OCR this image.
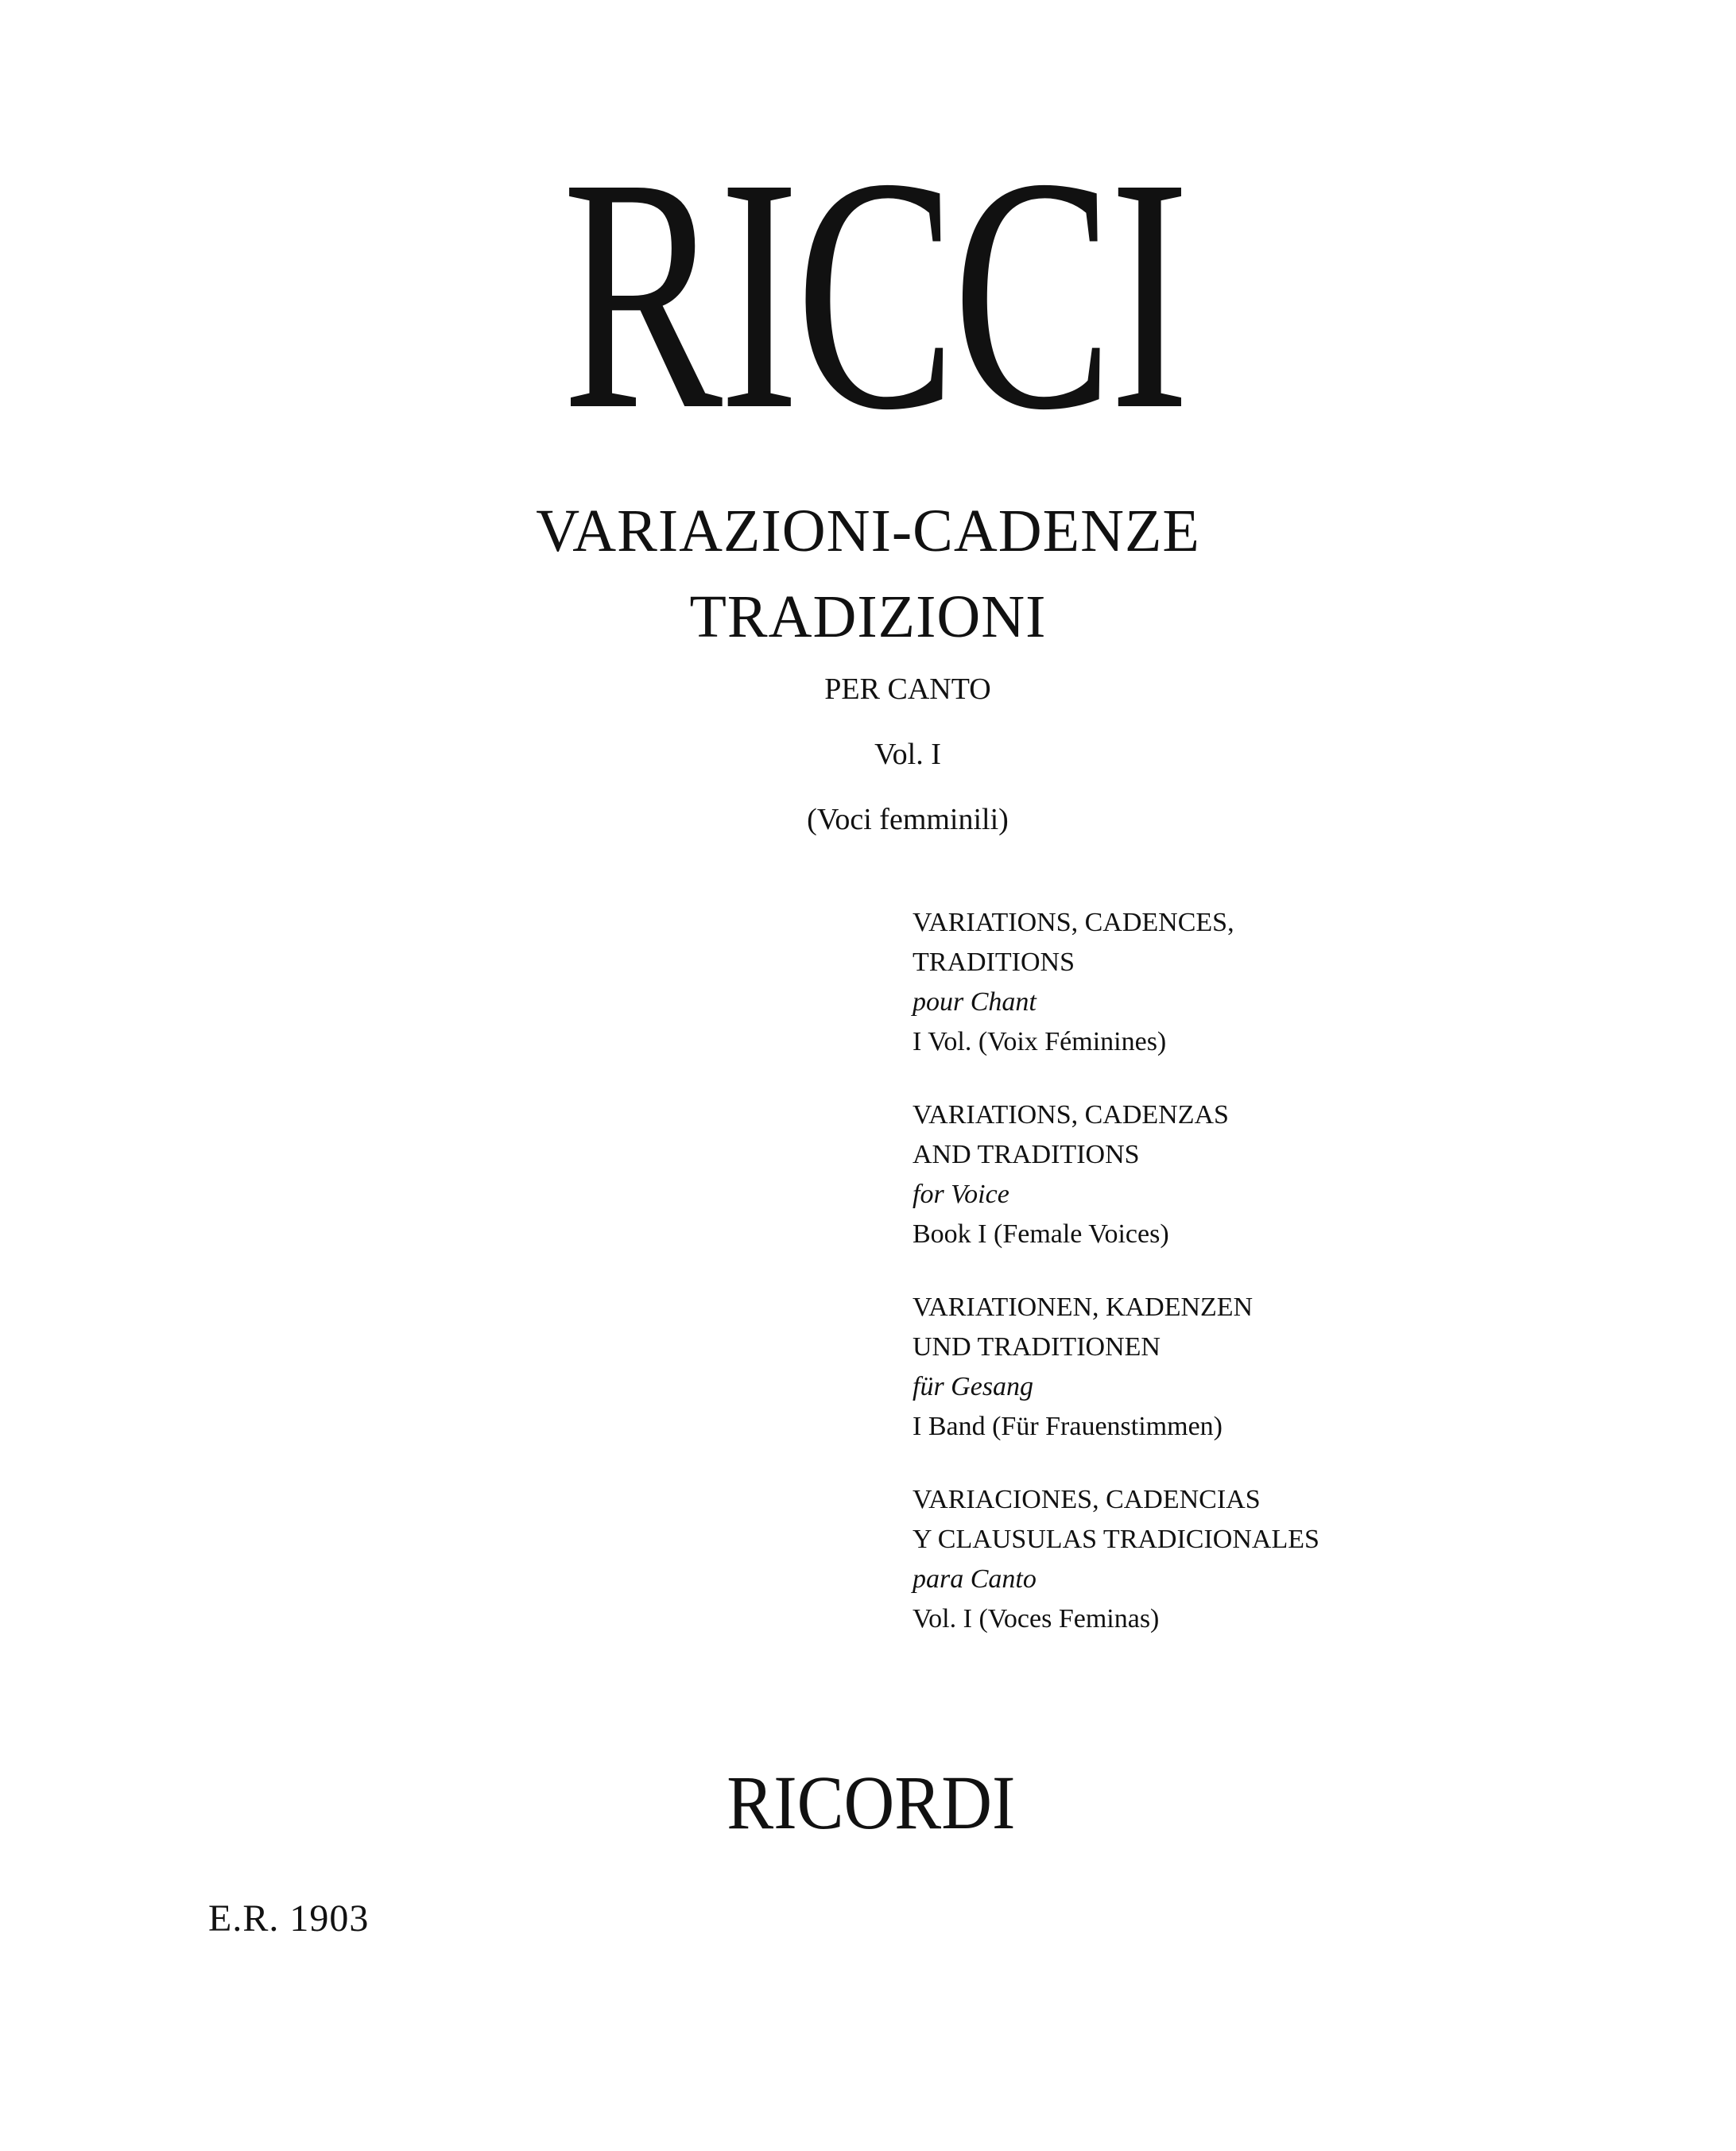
RICCI
VARIAZIONI-CADENZE
TRADIZIONI
PER CANTO
Vol. I
(Voci femminili)
VARIATIONS, CADENCES,
TRADITIONS
pour Chant
I Vol. (Voix Féminines)
VARIATIONS, CADENZAS
AND TRADITIONS
for Voice
Book I (Female Voices)
VARIATIONEN, KADENZEN
UND TRADITIONEN
für Gesang
I Band (Für Frauenstimmen)
VARIACIONES, CADENCIAS
Y CLAUSULAS TRADICIONALES
para Canto
Vol. I (Voces Feminas)
RICORDI
E.R. 1903
